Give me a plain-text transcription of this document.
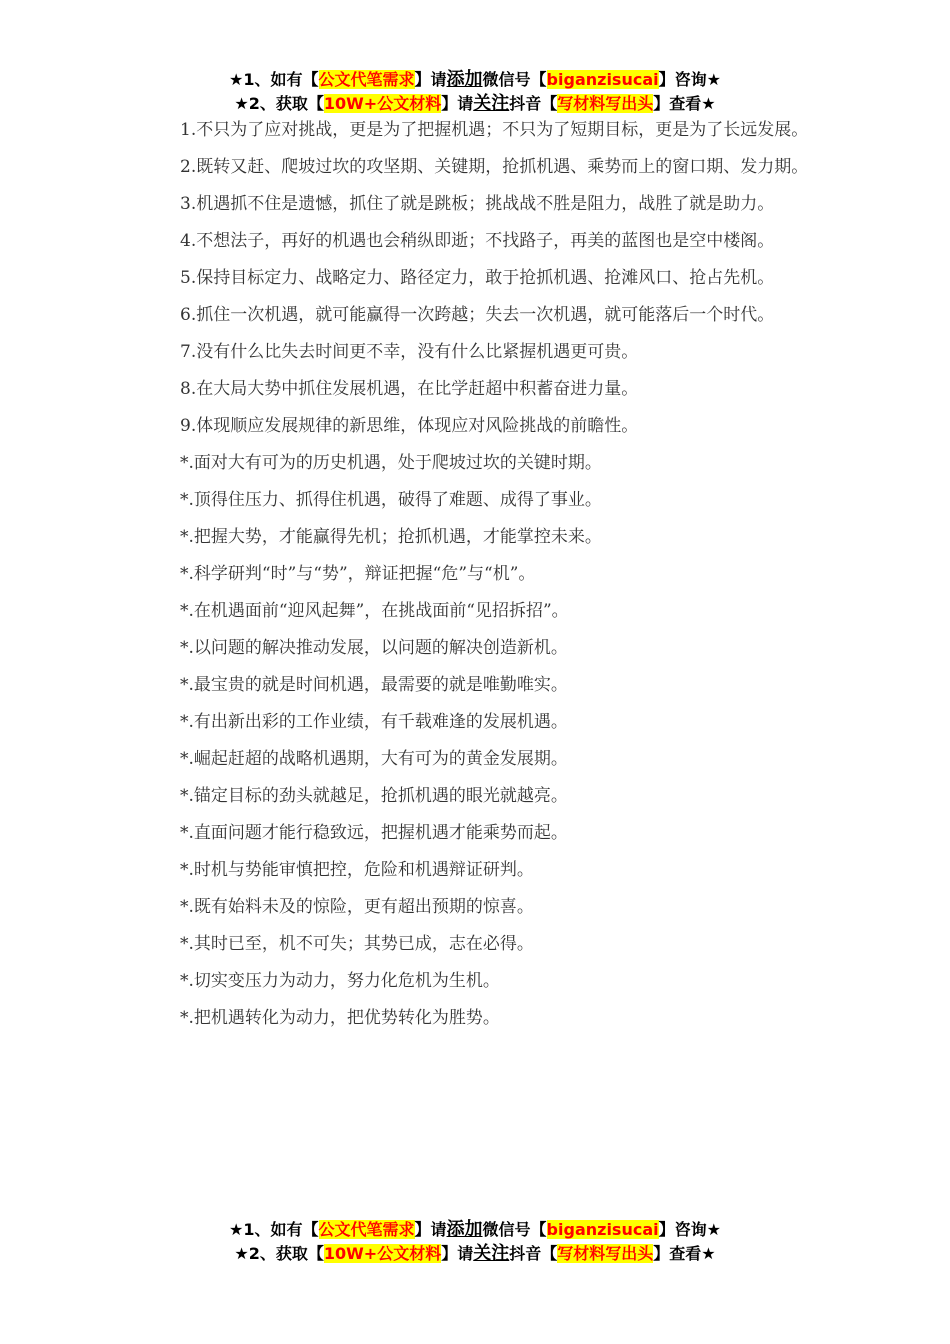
★1、如有【公文代笔需求】请添加微信号【biganzisucai】咨询★
★2、获取【10W+公文材料】请关注抖音【写材料写出头】查看★

1.不只为了应对挑战，更是为了把握机遇；不只为了短期目标，更是为了长远发展。

2.既转又赶、爬坡过坎的攻坚期、关键期，抢抓机遇、乘势而上的窗口期、发力期。

3.机遇抓不住是遗憾，抓住了就是跳板；挑战战不胜是阻力，战胜了就是助力。

4.不想法子，再好的机遇也会稍纵即逝；不找路子，再美的蓝图也是空中楼阁。

5.保持目标定力、战略定力、路径定力，敢于抢抓机遇、抢滩风口、抢占先机。

6.抓住一次机遇，就可能赢得一次跨越；失去一次机遇，就可能落后一个时代。

7.没有什么比失去时间更不幸，没有什么比紧握机遇更可贵。

8.在大局大势中抓住发展机遇，在比学赶超中积蓄奋进力量。

9.体现顺应发展规律的新思维，体现应对风险挑战的前瞻性。

*.面对大有可为的历史机遇，处于爬坡过坎的关键时期。

*.顶得住压力、抓得住机遇，破得了难题、成得了事业。

*.把握大势，才能赢得先机；抢抓机遇，才能掌控未来。

*.科学研判“时”与“势”，辩证把握“危”与“机”。

*.在机遇面前“迎风起舞”，在挑战面前“见招拆招”。

*.以问题的解决推动发展，以问题的解决创造新机。

*.最宝贵的就是时间机遇，最需要的就是唯勤唯实。

*.有出新出彩的工作业绩，有千载难逢的发展机遇。

*.崛起赶超的战略机遇期，大有可为的黄金发展期。

*.锚定目标的劲头就越足，抢抓机遇的眼光就越亮。

*.直面问题才能行稳致远，把握机遇才能乘势而起。

*.时机与势能审慎把控，危险和机遇辩证研判。

*.既有始料未及的惊险，更有超出预期的惊喜。

*.其时已至，机不可失；其势已成，志在必得。

*.切实变压力为动力，努力化危机为生机。

*.把机遇转化为动力，把优势转化为胜势。

★1、如有【公文代笔需求】请添加微信号【biganzisucai】咨询★
★2、获取【10W+公文材料】请关注抖音【写材料写出头】查看★
